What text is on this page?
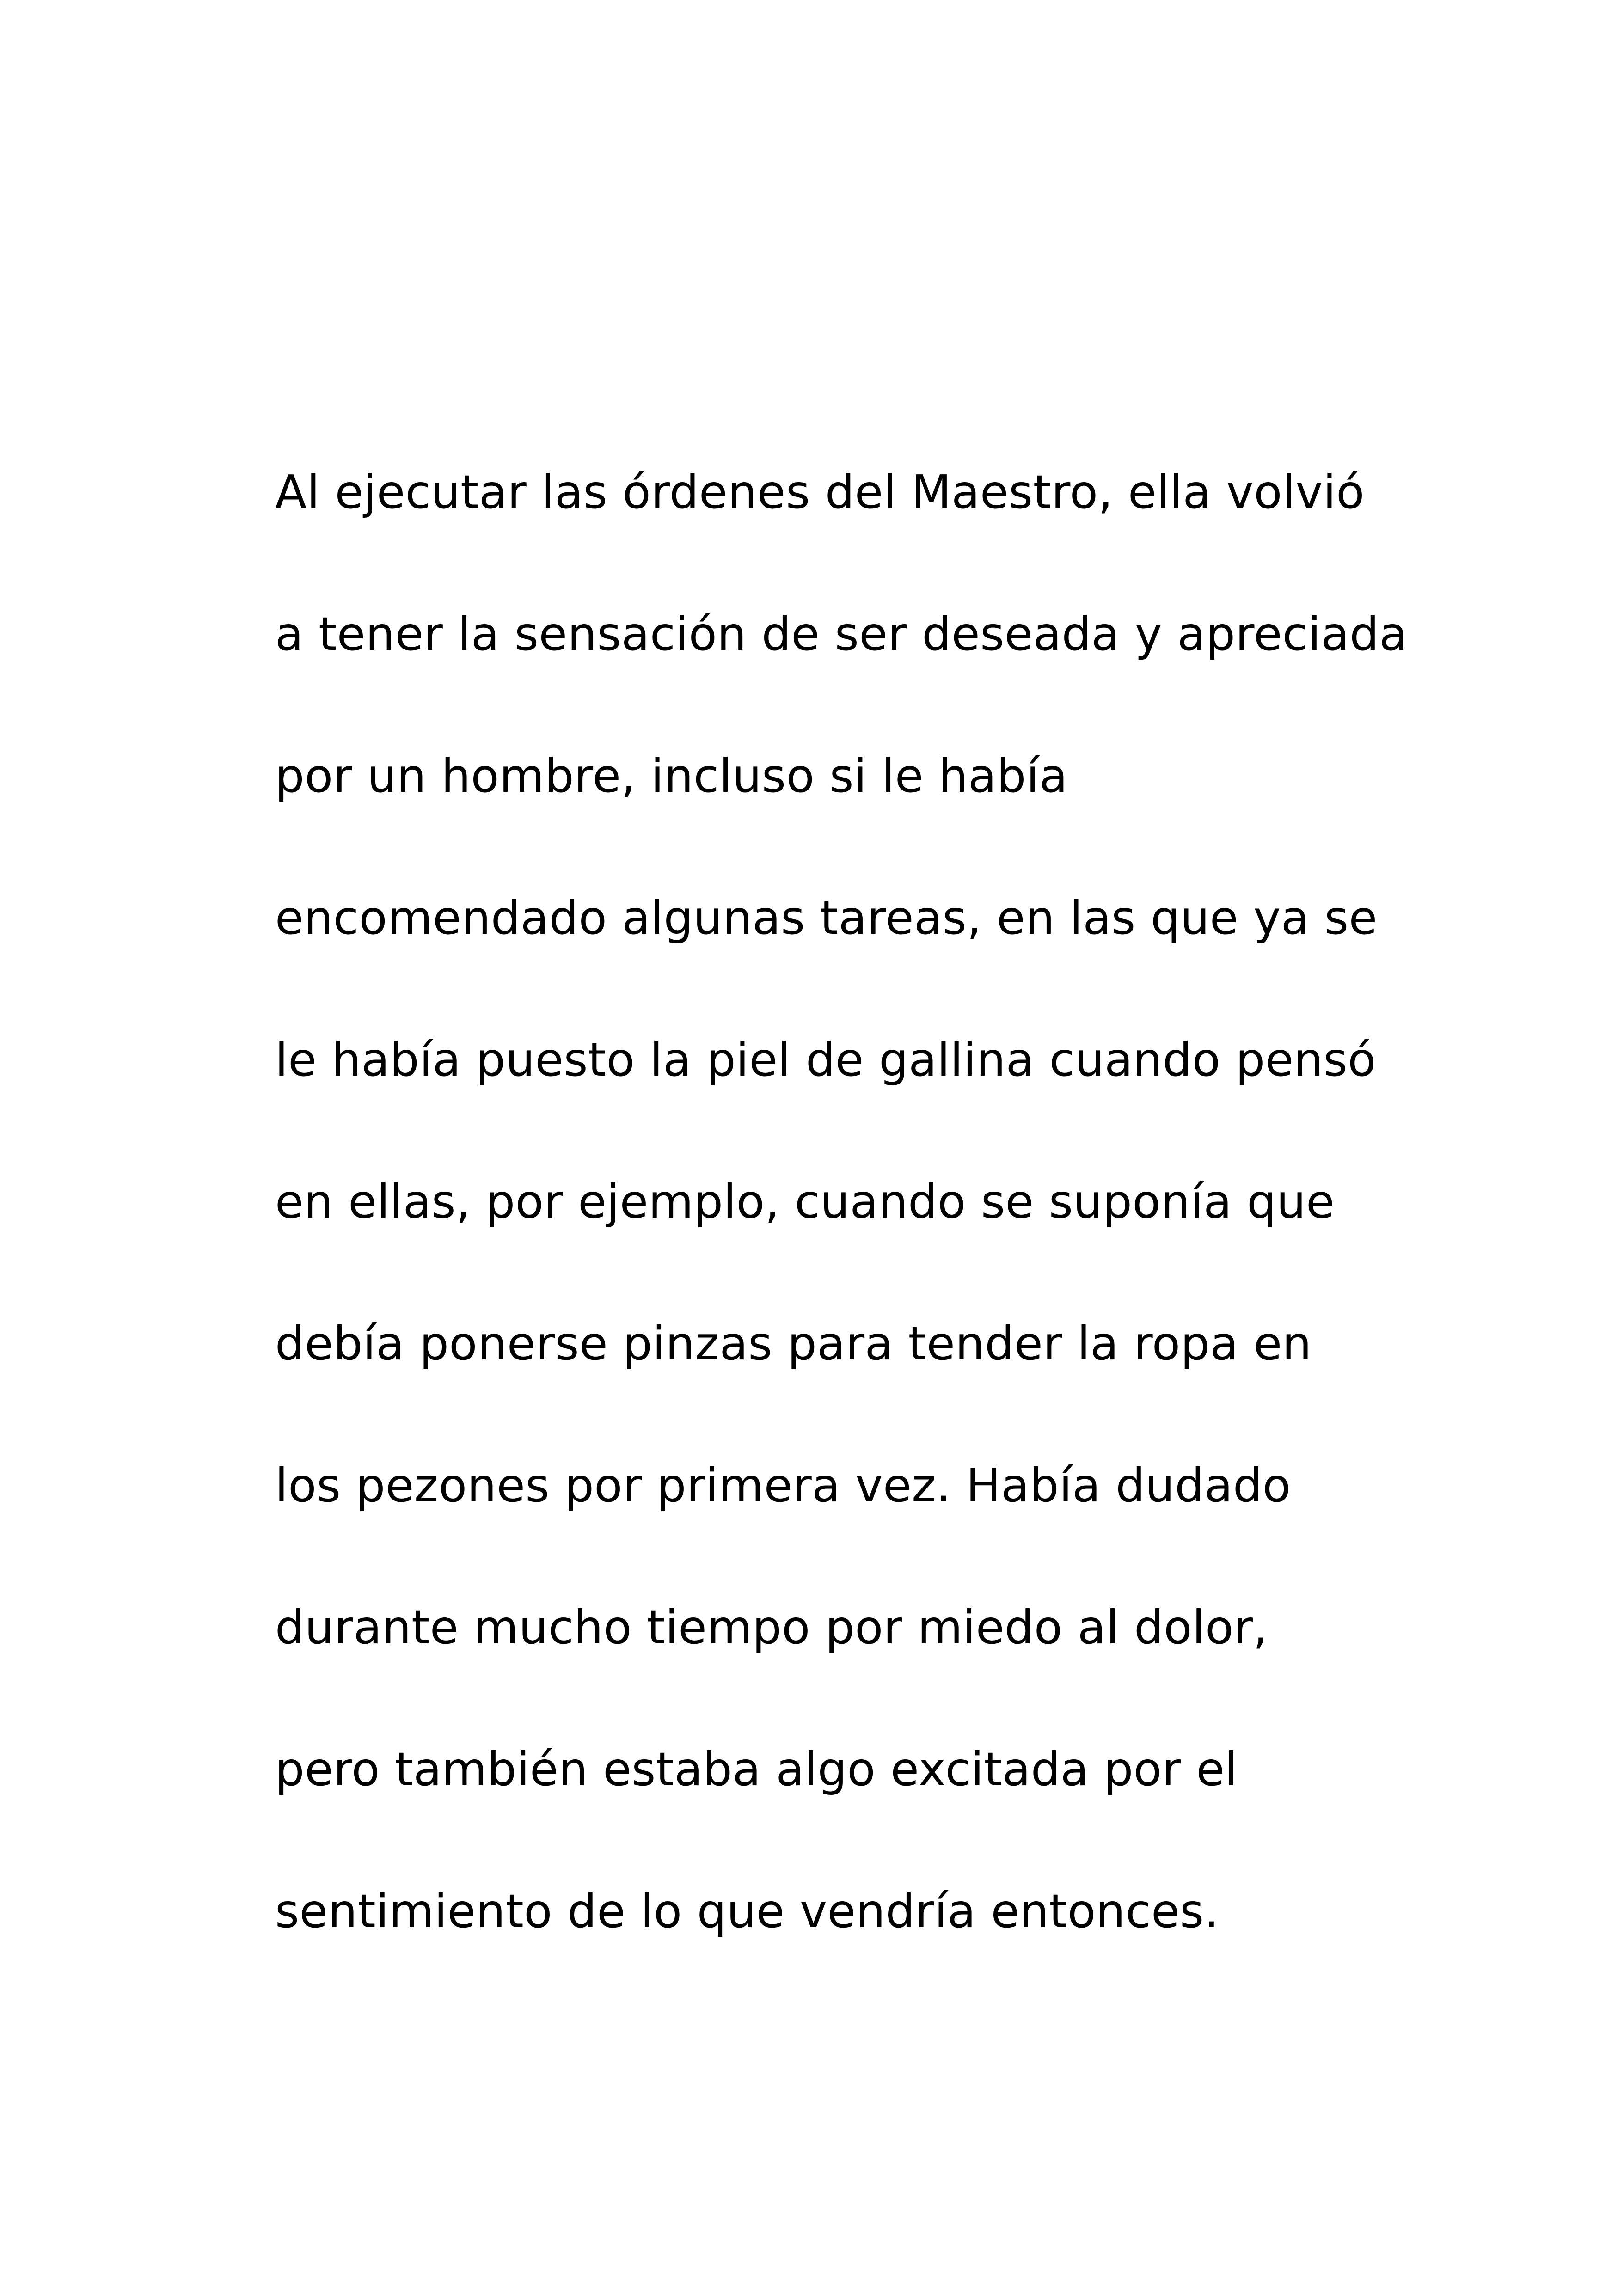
Al ejecutar las órdenes del Maestro, ella volvió
a tener la sensación de ser deseada y apreciada
por un hombre, incluso si le había
encomendado algunas tareas, en las que ya se
le había puesto la piel de gallina cuando pensó
en ellas, por ejemplo, cuando se suponía que
debía ponerse pinzas para tender la ropa en
los pezones por primera vez. Había dudado
durante mucho tiempo por miedo al dolor,
pero también estaba algo excitada por el
sentimiento de lo que vendría entonces.
